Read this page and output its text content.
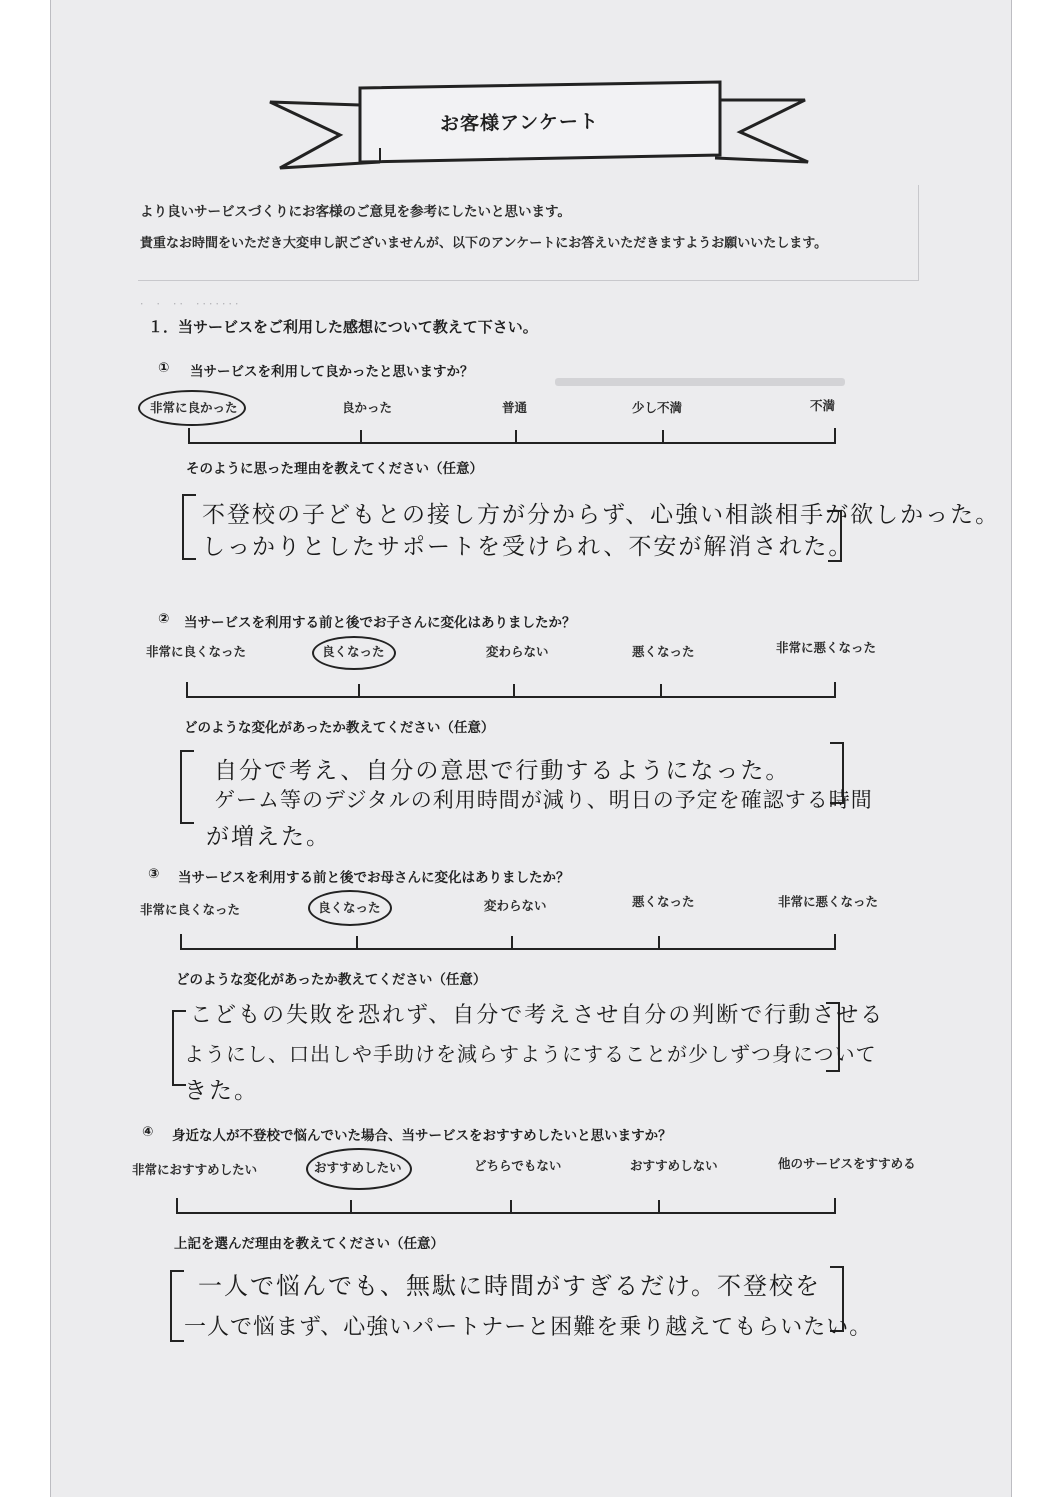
お客様アンケート
より良いサービスづくりにお客様のご意見を参考にしたいと思います。
貴重なお時間をいただき大変申し訳ございませんが、以下のアンケートにお答えいただきますようお願いいたします。
． ． ．． ．．．．．．．
１．当サービスをご利用した感想について教えて下さい。
① 当サービスを利用して良かったと思いますか？
非常に良かった	良かった	普通	少し不満	不満
そのように思った理由を教えてください（任意）
不登校の子どもとの接し方が分からず、心強い相談相手が欲しかった。
しっかりとしたサポートを受けられ、不安が解消された。
② 当サービスを利用する前と後でお子さんに変化はありましたか？
非常に良くなった	良くなった	変わらない	悪くなった	非常に悪くなった
どのような変化があったか教えてください（任意）
自分で考え、自分の意思で行動するようになった。
ゲーム等のデジタルの利用時間が減り、明日の予定を確認する時間
が増えた。
③ 当サービスを利用する前と後でお母さんに変化はありましたか？
非常に良くなった	良くなった	変わらない	悪くなった	非常に悪くなった
どのような変化があったか教えてください（任意）
こどもの失敗を恐れず、自分で考えさせ自分の判断で行動させる
ようにし、口出しや手助けを減らすようにすることが少しずつ身について
きた。
④ 身近な人が不登校で悩んでいた場合、当サービスをおすすめしたいと思いますか？
非常におすすめしたい	おすすめしたい	どちらでもない	おすすめしない	他のサービスをすすめる
上記を選んだ理由を教えてください（任意）
一人で悩んでも、無駄に時間がすぎるだけ。不登校を
一人で悩まず、心強いパートナーと困難を乗り越えてもらいたい。
